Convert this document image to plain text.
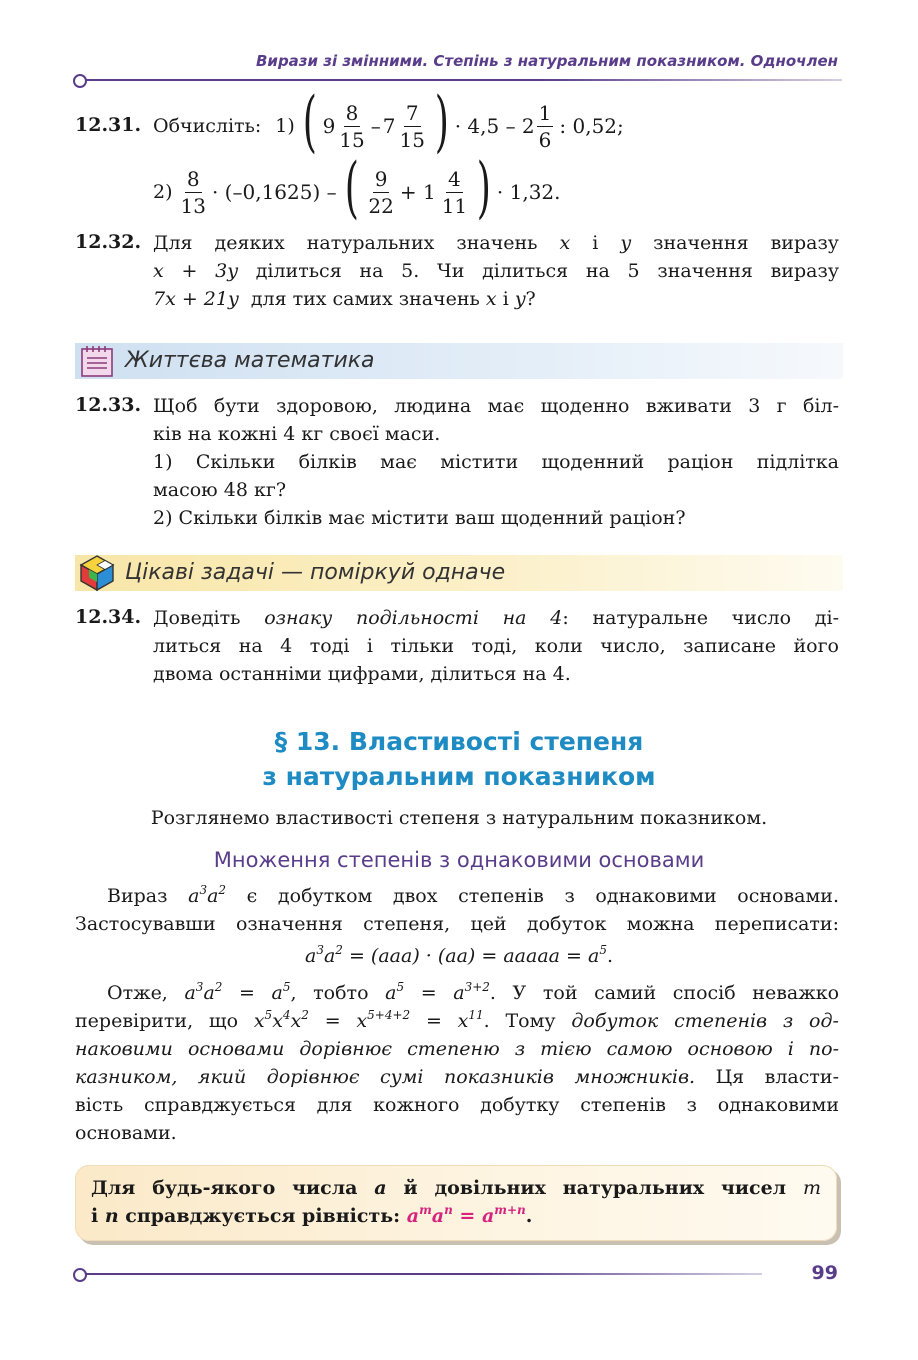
Вирази зі змінними. Степінь з натуральним показником. Одночлен
12.31. Обчисліть: 1) ( $9 \frac{8}{15} - 7 \frac{7}{15}$ ) · $4,5 - 2 \frac{1}{6}$ : 0,52;
$2) \frac{8}{13} \cdot (-0,1625)$ – ( $\frac{9}{22} + 1 \frac{4}{11}$ ) · 1,32.
12.32. Для деяких натуральних значень x і y значення виразу
x + 3y ділиться на 5. Чи ділиться на 5 значення виразу
7x + 21y для тих самих значень x і y?
Життєва математика
12.33. Щоб бути здоровою, людина має щоденно вживати 3 г біл-
ків на кожні 4 кг своєї маси.
1) Скільки білків має містити щоденний раціон підлітка
масою 48 кг?
2) Скільки білків має містити ваш щоденний раціон?
Цікаві задачі — поміркуй одначе
12.34. Доведіть ознаку подільності на 4: натуральне число ді-
литься на 4 тоді і тільки тоді, коли число, записане його
двома останніми цифрами, ділиться на 4.
§ 13. Властивості степеня
з натуральним показником
Розглянемо властивості степеня з натуральним показником.
Множення степенів з однаковими основами
Вираз $a^3a^2$ є добутком двох степенів з однаковими основами.
Застосувавши означення степеня, цей добуток можна переписати:
$a^3a^2 = (aaa) \cdot (aa)$ = aaaaa = $a^5$.
Отже, $a^3a^2 = a^5$, тобто $a^5 = a^{3+2}$. У той самий спосіб неважко
перевірити, що $x^5x^4x^2 = x^{5+4+2} = x^{11}$. Тому добуток степенів з од-
наковими основами дорівнює степеню з тією самою основою і по-
казником, який дорівнює сумі показників множників. Ця власти-
вість справджується для кожного добутку степенів з однаковими
основами.
Для будь-якого числа a й довільних натуральних чисел m
і n справджується рівність: $a^ma^n = a^{m+n}$.
99
